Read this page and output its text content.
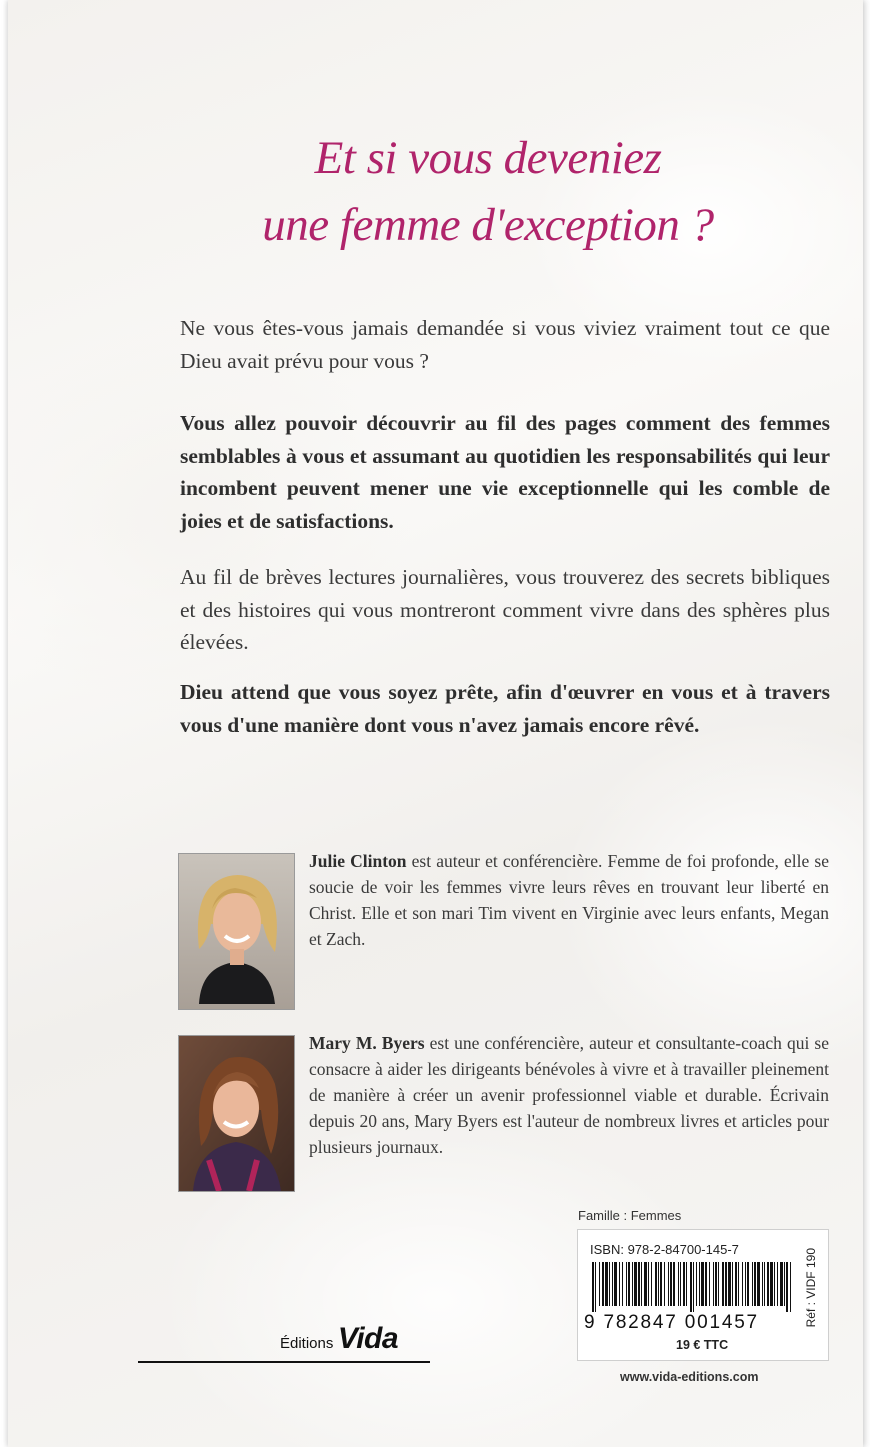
Et si vous deveniez
une femme d'exception ?
Ne vous êtes-vous jamais demandée si vous viviez vraiment tout ce que Dieu avait prévu pour vous ?
Vous allez pouvoir découvrir au fil des pages comment des femmes semblables à vous et assumant au quotidien les responsabilités qui leur incombent peuvent mener une vie exceptionnelle qui les comble de joies et de satisfactions.
Au fil de brèves lectures journalières, vous trouverez des secrets bibliques et des histoires qui vous montreront comment vivre dans des sphères plus élevées.
Dieu attend que vous soyez prête, afin d'œuvrer en vous et à travers vous d'une manière dont vous n'avez jamais encore rêvé.
Julie Clinton est auteur et conférencière. Femme de foi profonde, elle se soucie de voir les femmes vivre leurs rêves en trouvant leur liberté en Christ. Elle et son mari Tim vivent en Virginie avec leurs enfants, Megan et Zach.
Mary M. Byers est une conférencière, auteur et consultante-coach qui se consacre à aider les dirigeants bénévoles à vivre et à travailler pleinement de manière à créer un avenir professionnel viable et durable. Écrivain depuis 20 ans, Mary Byers est l'auteur de nombreux livres et articles pour plusieurs journaux.
Famille : Femmes
ISBN: 978-2-84700-145-7
9 782847 001457
19 € TTC
Réf : VIDF 190
Éditions Vida
www.vida-editions.com
